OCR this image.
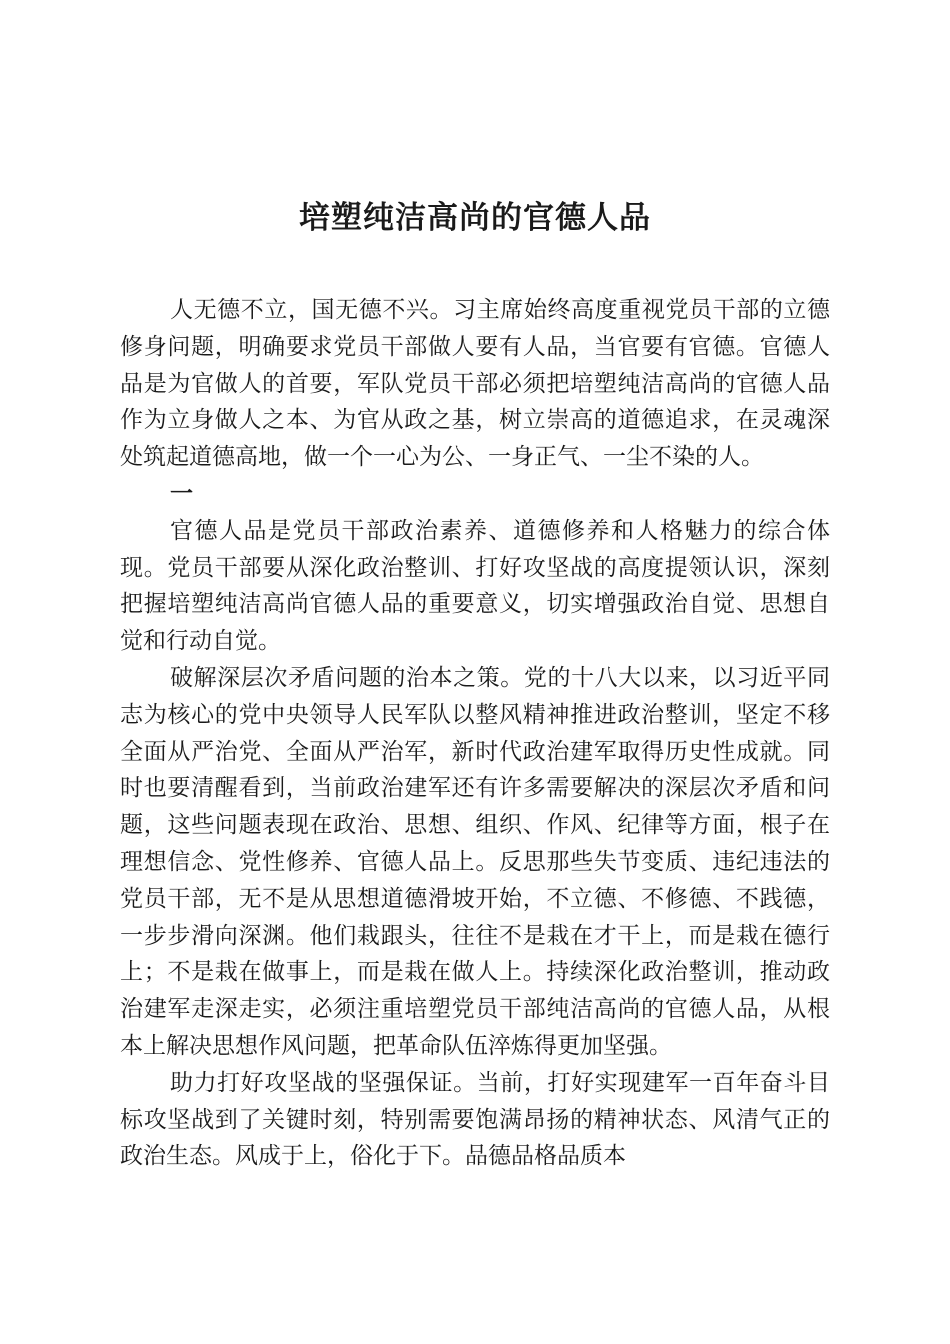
培塑纯洁高尚的官德人品

人无德不立，国无德不兴。习主席始终高度重视党员干部的立德修身问题，明确要求党员干部做人要有人品，当官要有官德。官德人品是为官做人的首要，军队党员干部必须把培塑纯洁高尚的官德人品作为立身做人之本、为官从政之基，树立崇高的道德追求，在灵魂深处筑起道德高地，做一个一心为公、一身正气、一尘不染的人。

一

官德人品是党员干部政治素养、道德修养和人格魅力的综合体现。党员干部要从深化政治整训、打好攻坚战的高度提领认识，深刻把握培塑纯洁高尚官德人品的重要意义，切实增强政治自觉、思想自觉和行动自觉。

破解深层次矛盾问题的治本之策。党的十八大以来，以习近平同志为核心的党中央领导人民军队以整风精神推进政治整训，坚定不移全面从严治党、全面从严治军，新时代政治建军取得历史性成就。同时也要清醒看到，当前政治建军还有许多需要解决的深层次矛盾和问题，这些问题表现在政治、思想、组织、作风、纪律等方面，根子在理想信念、党性修养、官德人品上。反思那些失节变质、违纪违法的党员干部，无不是从思想道德滑坡开始，不立德、不修德、不践德，一步步滑向深渊。他们栽跟头，往往不是栽在才干上，而是栽在德行上；不是栽在做事上，而是栽在做人上。持续深化政治整训，推动政治建军走深走实，必须注重培塑党员干部纯洁高尚的官德人品，从根本上解决思想作风问题，把革命队伍淬炼得更加坚强。

助力打好攻坚战的坚强保证。当前，打好实现建军一百年奋斗目标攻坚战到了关键时刻，特别需要饱满昂扬的精神状态、风清气正的政治生态。风成于上，俗化于下。品德品格品质本
